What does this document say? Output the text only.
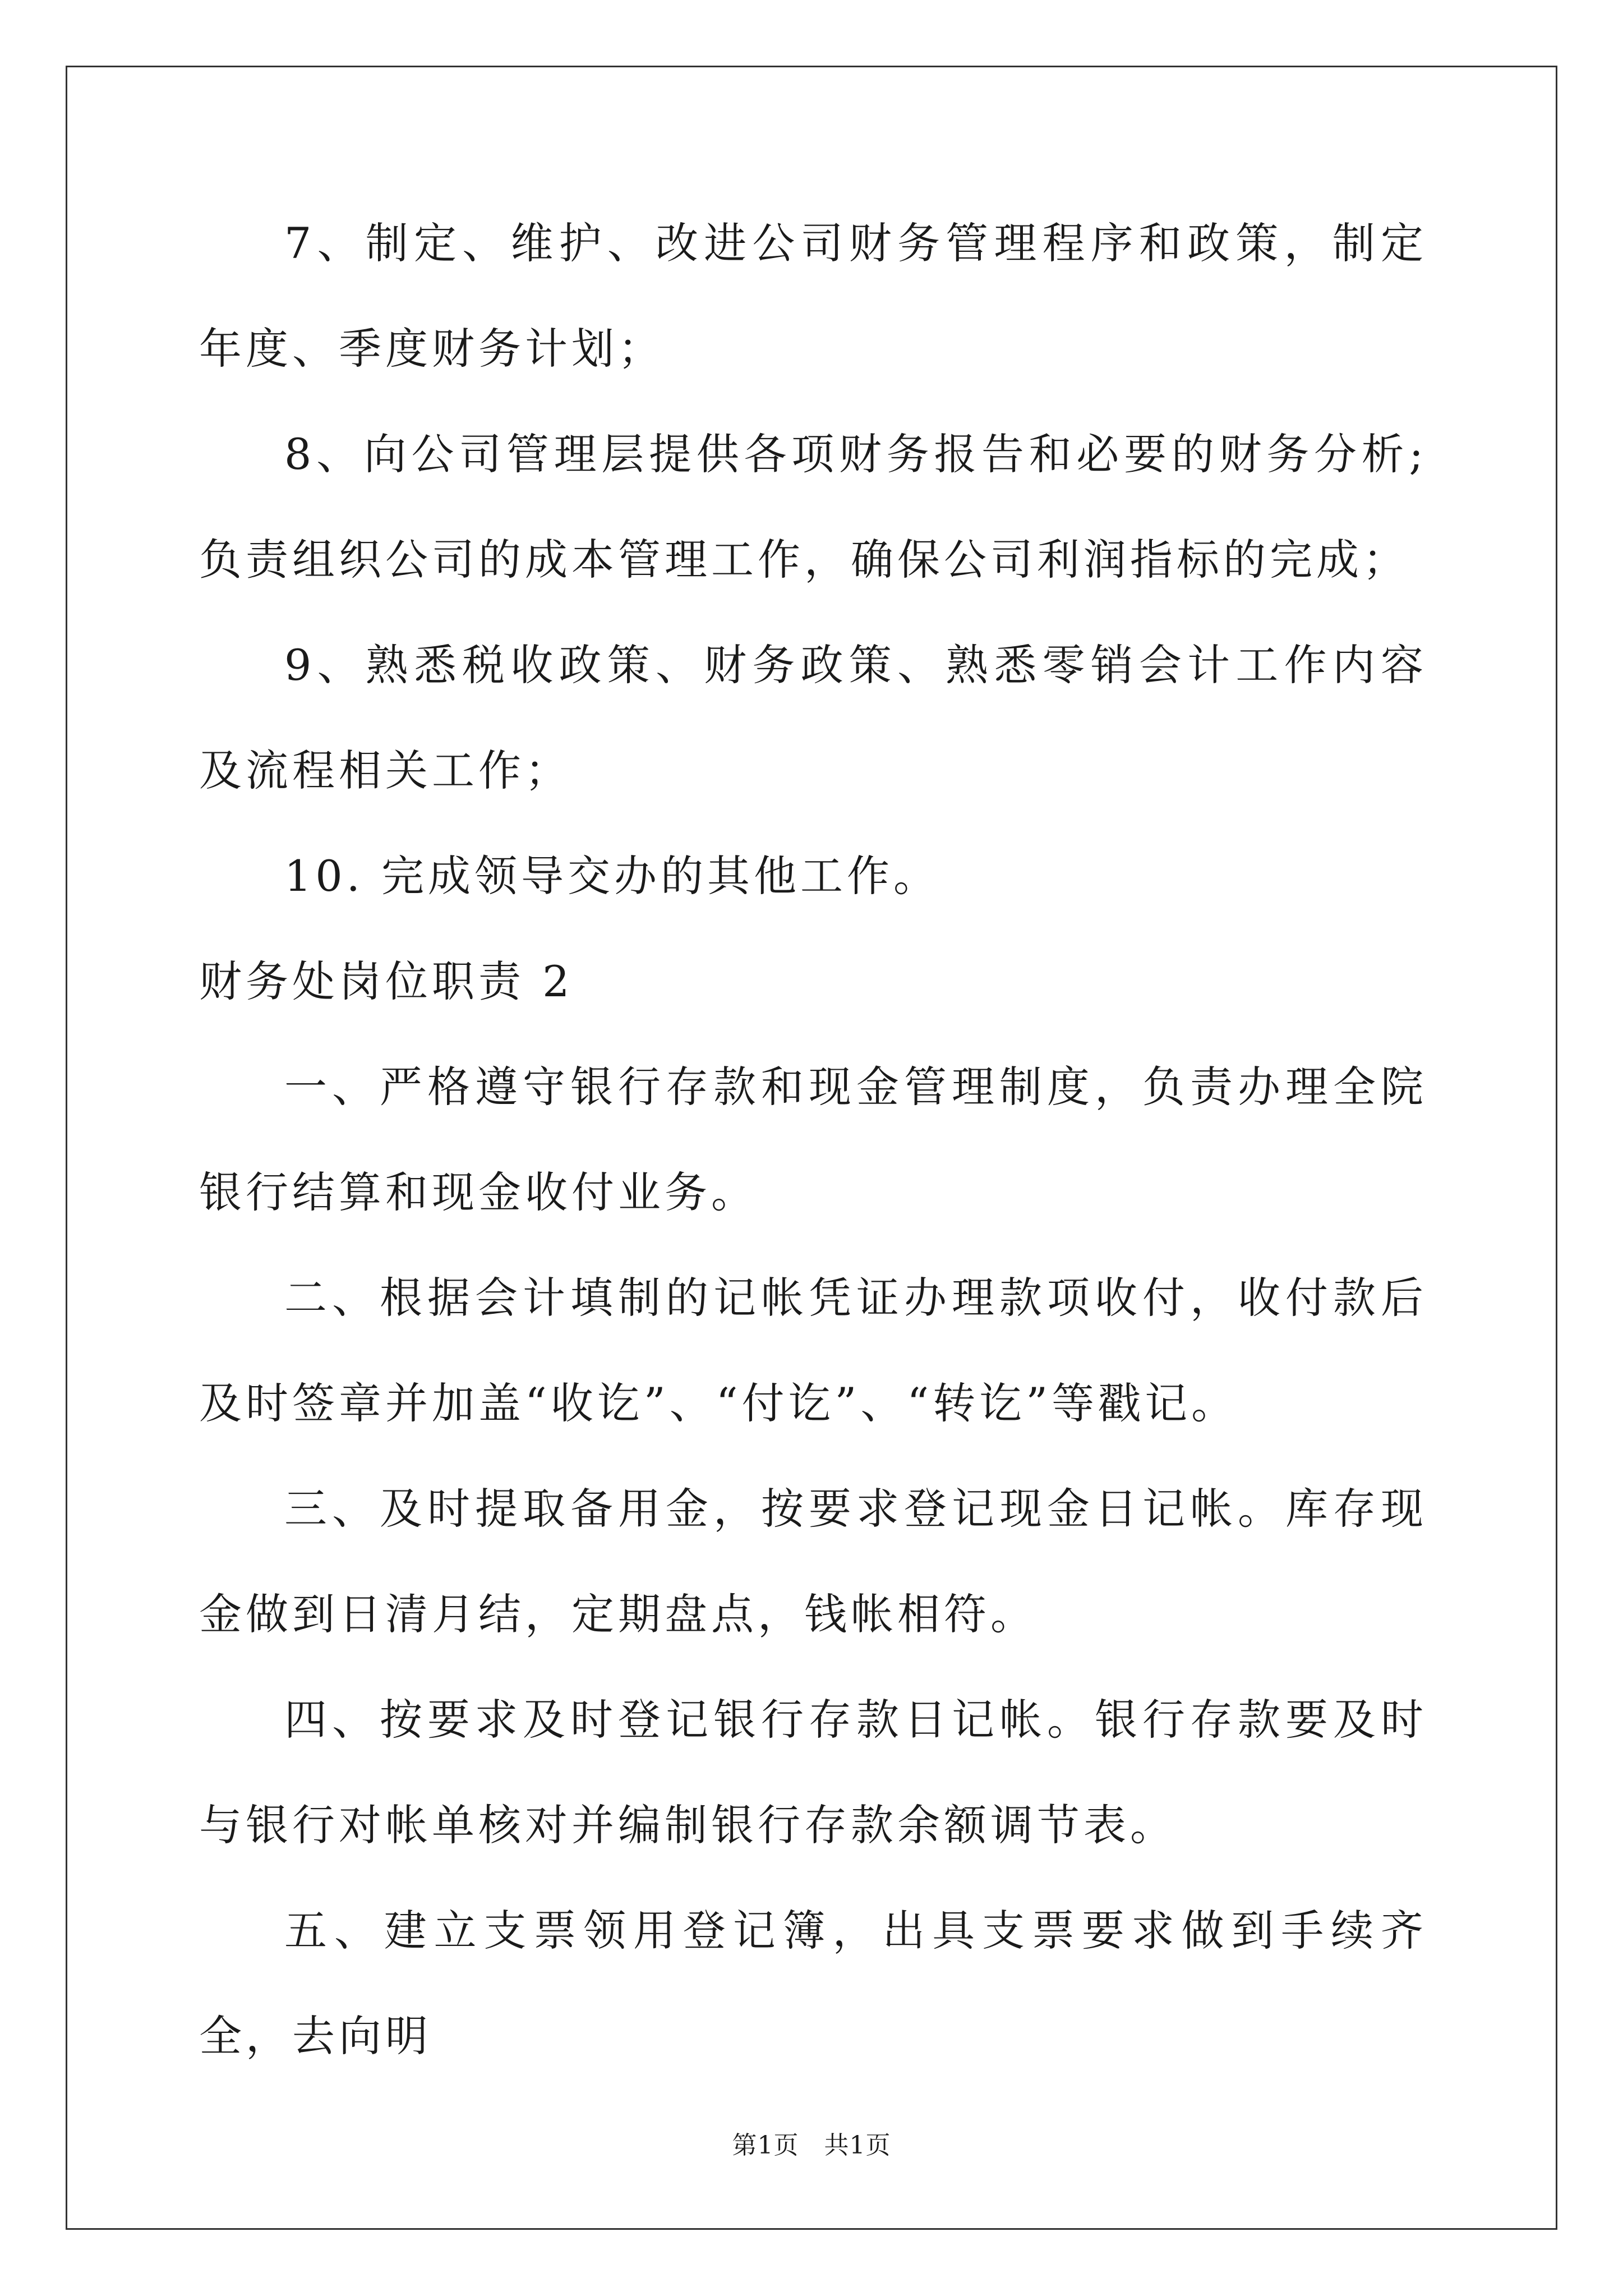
7、制定、维护、改进公司财务管理程序和政策，制定年度、季度财务计划；

8、向公司管理层提供各项财务报告和必要的财务分析;负责组织公司的成本管理工作，确保公司利润指标的完成；

9、熟悉税收政策、财务政策、熟悉零销会计工作内容及流程相关工作；

10. 完成领导交办的其他工作。

财务处岗位职责 2

一、严格遵守银行存款和现金管理制度，负责办理全院银行结算和现金收付业务。

二、根据会计填制的记帐凭证办理款项收付，收付款后及时签章并加盖“收讫”、“付讫”、“转讫”等戳记。

三、及时提取备用金，按要求登记现金日记帐。库存现金做到日清月结，定期盘点，钱帐相符。

四、按要求及时登记银行存款日记帐。银行存款要及时与银行对帐单核对并编制银行存款余额调节表。

五、建立支票领用登记簿，出具支票要求做到手续齐全，去向明

第1页   共1页
